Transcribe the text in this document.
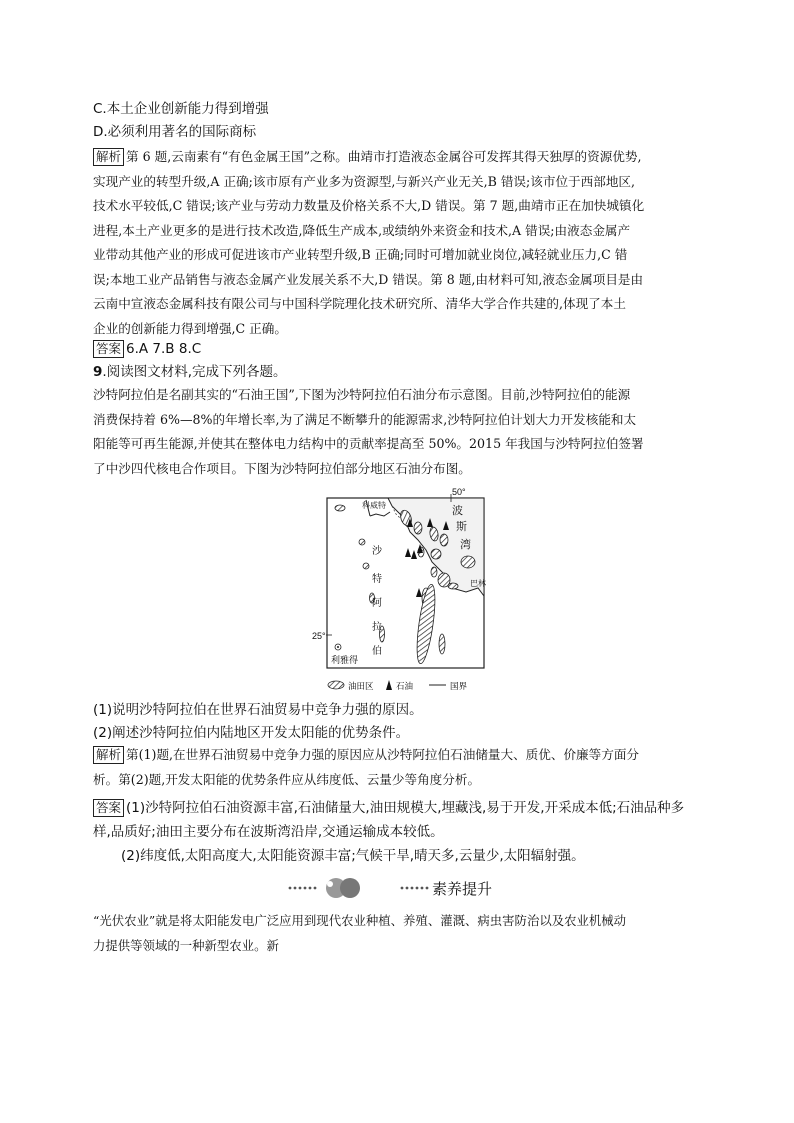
C.本土企业创新能力得到增强
D.必须利用著名的国际商标
解析 第 6 题,云南素有“有色金属王国”之称。曲靖市打造液态金属谷可发挥其得天独厚的资源优势,
实现产业的转型升级,A 正确;该市原有产业多为资源型,与新兴产业无关,B 错误;该市位于西部地区,
技术水平较低,C 错误;该产业与劳动力数量及价格关系不大,D 错误。第 7 题,曲靖市正在加快城镇化
进程,本土产业更多的是进行技术改造,降低生产成本,或绩纳外来资金和技术,A 错误;由液态金属产
业带动其他产业的形成可促进该市产业转型升级,B 正确;同时可增加就业岗位,减轻就业压力,C 错
误;本地工业产品销售与液态金属产业发展关系不大,D 错误。第 8 题,由材料可知,液态金属项目是由
云南中宣液态金属科技有限公司与中国科学院理化技术研究所、清华大学合作共建的,体现了本土
企业的创新能力得到增强,C 正确。
答案 6.A 7.B 8.C
9.阅读图文材料,完成下列各题。
沙特阿拉伯是名副其实的“石油王国”,下图为沙特阿拉伯石油分布示意图。目前,沙特阿拉伯的能源
消费保持着 6%—8%的年增长率,为了满足不断攀升的能源需求,沙特阿拉伯计划大力开发核能和太
阳能等可再生能源,并使其在整体电力结构中的贡献率提高至 50%。2015 年我国与沙特阿拉伯签署
了中沙四代核电合作项目。下图为沙特阿拉伯部分地区石油分布图。
50°
25°
科威特	波
斯
湾
沙
特
阿
拉
伯
巴林
利雅得
油田区	石油	国界
(1)说明沙特阿拉伯在世界石油贸易中竞争力强的原因。
(2)阐述沙特阿拉伯内陆地区开发太阳能的优势条件。
解析 第(1)题,在世界石油贸易中竞争力强的原因应从沙特阿拉伯石油储量大、质优、价廉等方面分
析。第(2)题,开发太阳能的优势条件应从纬度低、云量少等角度分析。
答案 (1)沙特阿拉伯石油资源丰富,石油储量大,油田规模大,埋藏浅,易于开发,开采成本低;石油品种多
样,品质好;油田主要分布在波斯湾沿岸,交通运输成本较低。
(2)纬度低,太阳高度大,太阳能资源丰富;气候干旱,晴天多,云量少,太阳辐射强。
素养提升
“光伏农业”就是将太阳能发电广泛应用到现代农业种植、养殖、灌溉、病虫害防治以及农业机械动
力提供等领域的一种新型农业。新
